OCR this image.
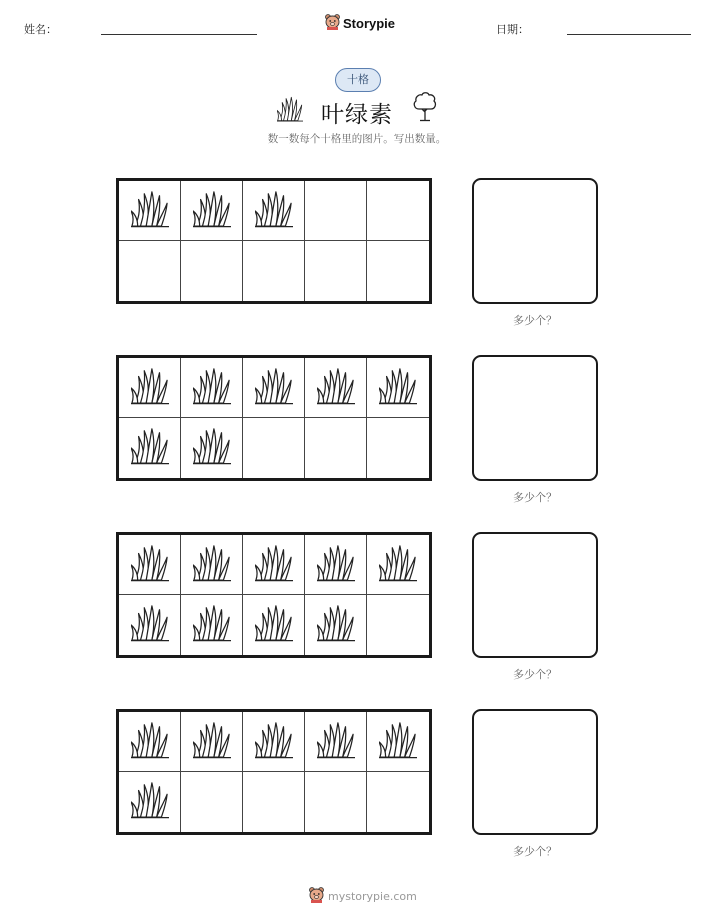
姓名：	Storypie	日期：
十格
叶绿素
数一数每个十格里的图片。写出数量。
多少个？
多少个？
多少个？
多少个？
mystorypie.com
